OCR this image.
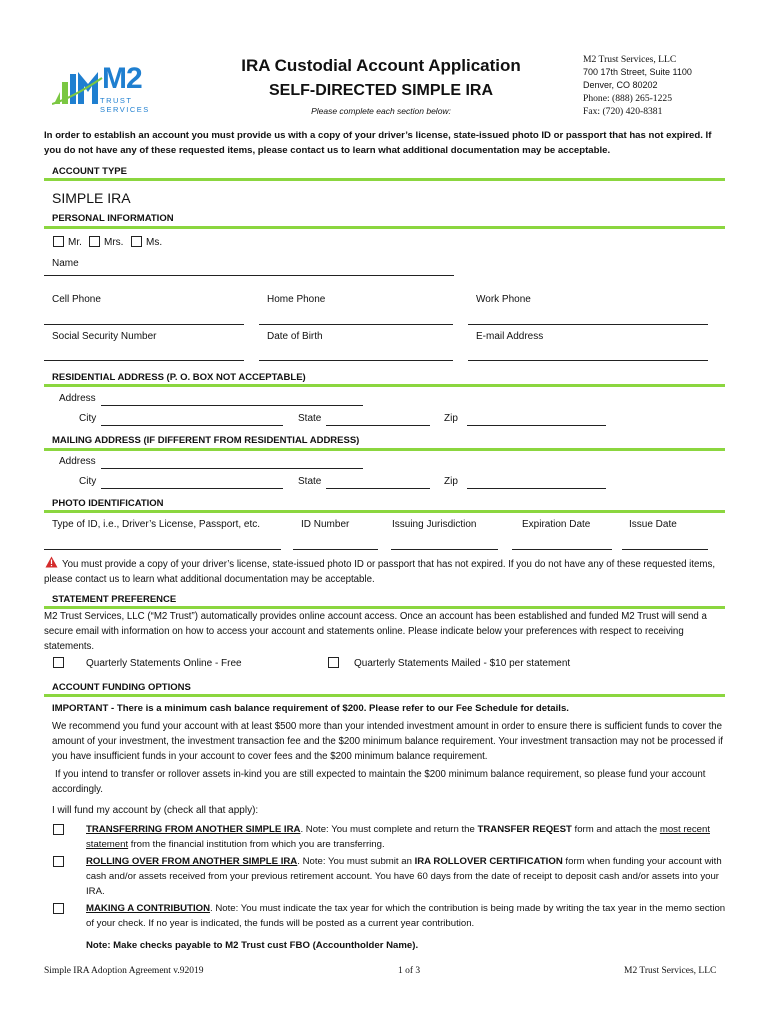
M2
TRUST SERVICES
IRA Custodial Account Application
SELF-DIRECTED SIMPLE IRA
Please complete each section below:
M2 Trust Services, LLC
700 17th Street, Suite 1100
Denver, CO 80202
Phone: (888) 265-1225
Fax: (720) 420-8381
In order to establish an account you must provide us with a copy of your driver’s license, state-issued photo ID or passport that has not expired. If you do not have any of these requested items, please contact us to learn what additional documentation may be acceptable.
ACCOUNT TYPE
SIMPLE IRA
PERSONAL INFORMATION
Mr. Mrs. Ms.
Name
Cell Phone	Home Phone	Work Phone
Social Security Number	Date of Birth	E-mail Address
RESIDENTIAL ADDRESS (P. O. BOX NOT ACCEPTABLE)
Address
City	State	Zip
MAILING ADDRESS (IF DIFFERENT FROM RESIDENTIAL ADDRESS)
Address
City	State	Zip
PHOTO IDENTIFICATION
Type of ID, i.e., Driver’s License, Passport, etc.	ID Number	Issuing Jurisdiction	Expiration Date	Issue Date
You must provide a copy of your driver’s license, state-issued photo ID or passport that has not expired. If you do not have any of these requested items, please contact us to learn what additional documentation may be acceptable.
STATEMENT PREFERENCE
M2 Trust Services, LLC (“M2 Trust”) automatically provides online account access. Once an account has been established and funded M2 Trust will send a secure email with information on how to access your account and statements online. Please indicate below your preferences with respect to receiving statements.
Quarterly Statements Online - Free	Quarterly Statements Mailed - $10 per statement
ACCOUNT FUNDING OPTIONS
IMPORTANT - There is a minimum cash balance requirement of $200. Please refer to our Fee Schedule for details.
We recommend you fund your account with at least $500 more than your intended investment amount in order to ensure there is sufficient funds to cover the amount of your investment, the investment transaction fee and the $200 minimum balance requirement. Your investment transaction may not be processed if you have insufficient funds in your account to cover fees and the $200 minimum balance requirement.
If you intend to transfer or rollover assets in-kind you are still expected to maintain the $200 minimum balance requirement, so please fund your account accordingly.
I will fund my account by (check all that apply):
TRANSFERRING FROM ANOTHER SIMPLE IRA. Note: You must complete and return the TRANSFER REQEST form and attach the most recent statement from the financial institution from which you are transferring.
ROLLING OVER FROM ANOTHER SIMPLE IRA. Note: You must submit an IRA ROLLOVER CERTIFICATION form when funding your account with cash and/or assets received from your previous retirement account. You have 60 days from the date of receipt to deposit cash and/or assets into your IRA.
MAKING A CONTRIBUTION. Note: You must indicate the tax year for which the contribution is being made by writing the tax year in the memo section of your check. If no year is indicated, the funds will be posted as a current year contribution.
Note: Make checks payable to M2 Trust cust FBO (Accountholder Name).
Simple IRA Adoption Agreement v.92019	1 of 3	M2 Trust Services, LLC
